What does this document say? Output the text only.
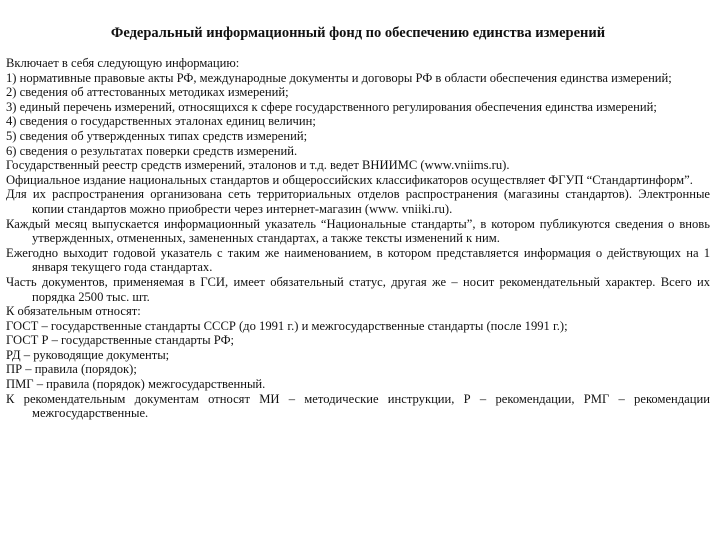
Федеральный информационный фонд по обеспечению единства измерений

Включает в себя следующую информацию:

1) нормативные правовые акты РФ, международные документы и договоры РФ в области обеспечения единства измерений;

2) сведения об аттестованных методиках измерений;

3) единый перечень измерений, относящихся к сфере государственного регулирования обеспечения единства измерений;

4) сведения о государственных эталонах единиц величин;

5) сведения об утвержденных типах средств измерений;

6) сведения о результатах поверки средств измерений.

Государственный реестр средств измерений, эталонов и т.д. ведет ВНИИМС (www.vniims.ru).

Официальное издание национальных стандартов и общероссийских классификаторов осуществляет ФГУП “Стандартинформ”.

Для их распространения организована сеть территориальных отделов распространения (магазины стандартов). Электронные копии стандартов можно приобрести через интернет-магазин (www. vniiki.ru).

Каждый месяц выпускается информационный указатель “Национальные стандарты”, в котором публикуются сведения о вновь утвержденных, отмененных, замененных стандартах, а также тексты изменений к ним.

Ежегодно выходит годовой указатель с таким же наименованием, в котором представляется информация о действующих на 1 января текущего года стандартах.

Часть документов, применяемая в ГСИ, имеет обязательный статус, другая же – носит рекомендательный характер. Всего их порядка 2500 тыс. шт.

К обязательным относят:

ГОСТ – государственные стандарты СССР (до 1991 г.) и межгосударственные стандарты (после 1991 г.);

ГОСТ Р – государственные стандарты РФ;

РД – руководящие документы;

ПР – правила (порядок);

ПМГ – правила (порядок) межгосударственный.

К рекомендательным документам относят МИ – методические инструкции, Р – рекомендации, РМГ – рекомендации межгосударственные.
